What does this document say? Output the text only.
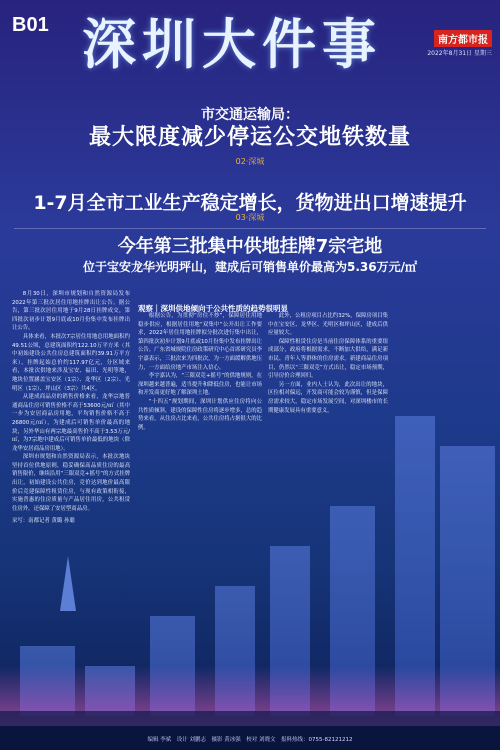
B01 深圳大件事	南方都市报
2022年8月31日 星期三
市交通运输局：
最大限度减少停运公交地铁数量
02·深城
1-7月全市工业生产稳定增长，货物进出口增速提升
03·深城
今年第三批集中供地挂牌7宗宅地
位于宝安龙华光明坪山，建成后可销售单价最高为5.36万元/㎡

8月30日，深圳市规划和自然资源局发布2022年第三批次居住用地挂牌出让公告。据公告，第三批次居住用地于9月28日挂牌成交，第四批次初步计划9月底或10月份集中发布挂牌出让公告。

具体来看，本批次7宗居住用地总用地面积约49.51公顷，总建筑面积约122.10万平方米（其中初始建设公共住房总建筑面积约39.91万平方米），挂牌起始总价约117.97亿元，分区域来看，本批次供地来涉及宝安、福田、光明等地，地块位置涵盖宝安区（1宗）、龙华区（2宗）、光明区（1宗）、坪山区（3宗）共4区。

从建成商品房的销售价格来看，龙华宗地普通商品住房可销售价格不高于53600元/㎡（其中一步为安居商品房用地，平均销售价格不高于26800元/㎡），为建成后可销售单价最高的地块，另外华山有两宗地最高售价不高于3.53万元/㎡，为7宗地中建成后可销售单价最低的地块（除龙华安居商品房用地）。

深圳市规划和自然资源局表示，本批次地块坚持首位供地原则，稳妥确保高品质住房的最高销售限价，继续沿用“三限双竞+摇号”的方式挂牌出让，初始建设公共住房，竞价达到地价最高限价后竞建保障性租赁住房，与现有政策相衔接，实施普惠的住房质量与产品居住用房，公共租赁住房外，还保障了安居型商品房。

采写：南都记者 黄璐 孙聪

观察｜深圳供地倾向于公共性质的趋势很明显

根据公告，为贯彻“房住不炒”，保障居住用地稳步供应，根据居住用地“双集中”公开出让工作要求，2022年居住用地挂牌拟分批次进行集中出让，第四批次初步计划9月底或10月份集中发布挂牌出让公告。广东省城规院住房政策研究中心首席研究员李宇嘉表示，三批次来为四批次，为一方面缓解供地压力，一方面给房地产市场注入信心。

李宇嘉认为，“三限双竞+摇号”的供地规则，在深圳越来越普遍，适当提升和降低住房，也能让市场和开发商更好地了解深圳土地。

“十四五”规划期间，深圳计划供应住房将向公共性质倾斜，建设的保障性住房将逐步增多，总的趋势来看，从住房占比来看，公共住房将占据很大的比例。

此外，公租房项目占比约32%，保障房项目集中在宝安区、龙华区、光明区和坪山区，建成后供应量较大。

保障性租赁住房是当前住房保障体系的重要组成部分，政府将根据需求，不断加大供给，满足新市民、青年人等群体的住房需求。新建商品住房项目，仍然以“三限双竞”方式出让，稳定市场预期，引导房价合理回归。

另一方面，业内人士认为，此次出让的地块，区位相对偏远，开发商可能会较为谨慎，但是保障房需求较大，稳定市场发展空间，对深圳楼市的长期健康发展具有重要意义。

编辑 李斌　设计 刘鹏志　摄影 黄冰强　校对 刘晓文　报料热线：0755-82121212
